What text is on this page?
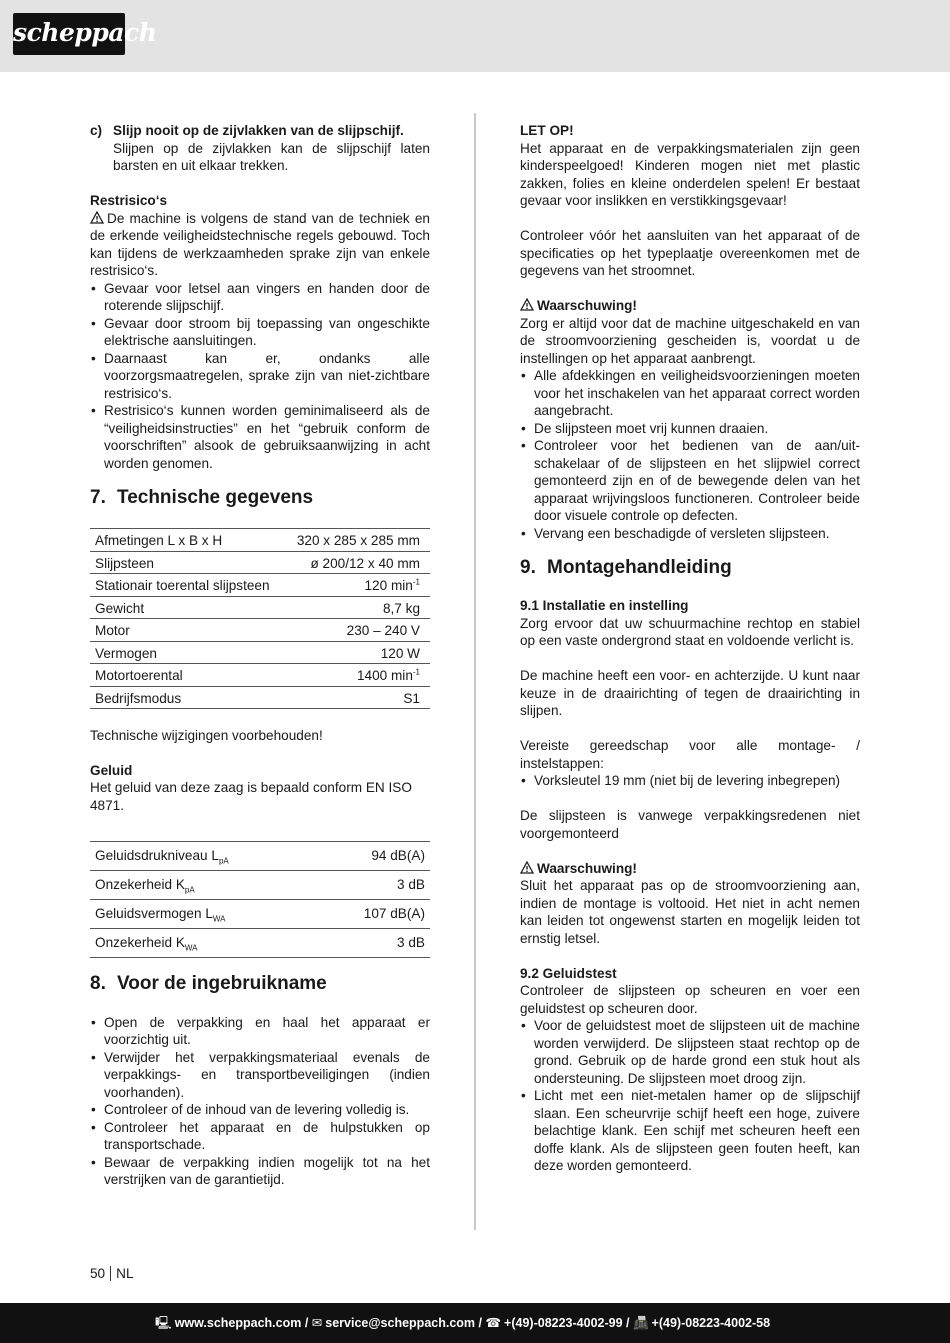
scheppach
c) Slijp nooit op de zijvlakken van de slijpschijf.
Slijpen op de zijvlakken kan de slijpschijf laten barsten en uit elkaar trekken.
Restrisico‘s
De machine is volgens de stand van de techniek en de erkende veiligheidstechnische regels gebouwd. Toch kan tijdens de werkzaamheden sprake zijn van enkele restrisico‘s.
• Gevaar voor letsel aan vingers en handen door de roterende slijpschijf.
• Gevaar door stroom bij toepassing van ongeschikte elektrische aansluitingen.
• Daarnaast kan er, ondanks alle voorzorgsmaatregelen, sprake zijn van niet-zichtbare restrisico‘s.
• Restrisico‘s kunnen worden geminimaliseerd als de “veiligheidsinstructies” en het “gebruik conform de voorschriften” alsook de gebruiksaanwijzing in acht worden genomen.
7. Technische gegevens
Afmetingen L x B x H	320 x 285 x 285 mm
Slijpsteen	ø 200/12 x 40 mm
Stationair toerental slijpsteen	120 $\min^{-1}$
Gewicht	8,7 kg
Motor	230 – 240 V
Vermogen	120 W
Motortoerental	1400 $\min^{-1}$
Bedrijfsmodus	S1
Technische wijzigingen voorbehouden!
Geluid
Het geluid van deze zaag is bepaald conform EN ISO 4871.
Geluidsdrukniveau $L_{pA}$	94 dB(A)
Onzekerheid $K_{pA}$	3 dB
Geluidsvermogen $L_{WA}$	107 dB(A)
Onzekerheid $K_{WA}$	3 dB
8. Voor de ingebruikname
• Open de verpakking en haal het apparaat er voorzichtig uit.
• Verwijder het verpakkingsmateriaal evenals de verpakkings- en transportbeveiligingen (indien voorhanden).
• Controleer of de inhoud van de levering volledig is.
• Controleer het apparaat en de hulpstukken op transportschade.
• Bewaar de verpakking indien mogelijk tot na het verstrijken van de garantietijd.
LET OP!
Het apparaat en de verpakkingsmaterialen zijn geen kinderspeelgoed! Kinderen mogen niet met plastic zakken, folies en kleine onderdelen spelen! Er bestaat gevaar voor inslikken en verstikkingsgevaar!
Controleer vóór het aansluiten van het apparaat of de specificaties op het typeplaatje overeenkomen met de gegevens van het stroomnet.
Waarschuwing!
Zorg er altijd voor dat de machine uitgeschakeld en van de stroomvoorziening gescheiden is, voordat u de instellingen op het apparaat aanbrengt.
• Alle afdekkingen en veiligheidsvoorzieningen moeten voor het inschakelen van het apparaat correct worden aangebracht.
• De slijpsteen moet vrij kunnen draaien.
• Controleer voor het bedienen van de aan/uit-schakelaar of de slijpsteen en het slijpwiel correct gemonteerd zijn en of de bewegende delen van het apparaat wrijvingsloos functioneren. Controleer beide door visuele controle op defecten.
• Vervang een beschadigde of versleten slijpsteen.
9. Montagehandleiding
9.1 Installatie en instelling
Zorg ervoor dat uw schuurmachine rechtop en stabiel op een vaste ondergrond staat en voldoende verlicht is.
De machine heeft een voor- en achterzijde. U kunt naar keuze in de draairichting of tegen de draairichting in slijpen.
Vereiste gereedschap voor alle montage- / instelstappen:
• Vorksleutel 19 mm (niet bij de levering inbegrepen)
De slijpsteen is vanwege verpakkingsredenen niet voorgemonteerd
Waarschuwing!
Sluit het apparaat pas op de stroomvoorziening aan, indien de montage is voltooid. Het niet in acht nemen kan leiden tot ongewenst starten en mogelijk leiden tot ernstig letsel.
9.2 Geluidstest
Controleer de slijpsteen op scheuren en voer een geluidstest op scheuren door.
• Voor de geluidstest moet de slijpsteen uit de machine worden verwijderd. De slijpsteen staat rechtop op de grond. Gebruik op de harde grond een stuk hout als ondersteuning. De slijpsteen moet droog zijn.
• Licht met een niet-metalen hamer op de slijpschijf slaan. Een scheurvrije schijf heeft een hoge, zuivere belachtige klank. Een schijf met scheuren heeft een doffe klank. Als de slijpsteen geen fouten heeft, kan deze worden gemonteerd.
50 NL
🖳 www.scheppach.com / ✉ service@scheppach.com / ☎ +(49)-08223-4002-99 / 📠 +(49)-08223-4002-58
